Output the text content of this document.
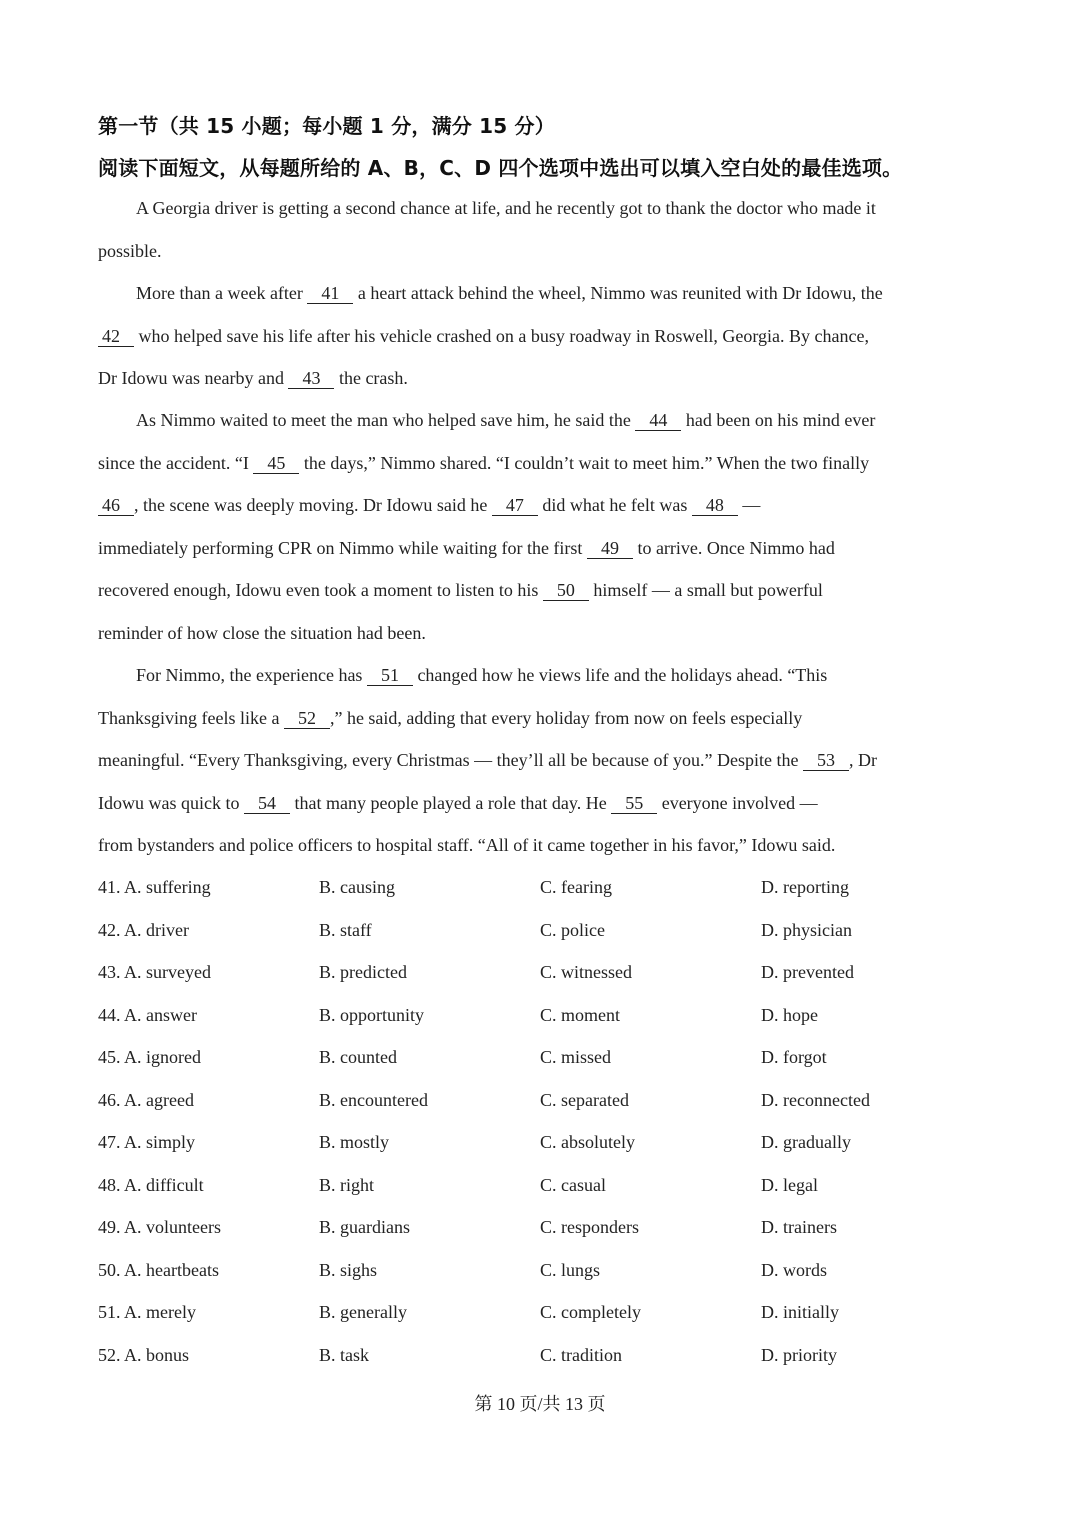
第一节（共 15 小题；每小题 1 分，满分 15 分）
阅读下面短文，从每题所给的 A、B，C、D 四个选项中选出可以填入空白处的最佳选项。
A Georgia driver is getting a second chance at life, and he recently got to thank the doctor who made it
possible.
More than a week after 41 a heart attack behind the wheel, Nimmo was reunited with Dr Idowu, the
42 who helped save his life after his vehicle crashed on a busy roadway in Roswell, Georgia. By chance,
Dr Idowu was nearby and 43 the crash.
As Nimmo waited to meet the man who helped save him, he said the 44 had been on his mind ever
since the accident. “I 45 the days,” Nimmo shared. “I couldn’t wait to meet him.” When the two finally
46 , the scene was deeply moving. Dr Idowu said he 47 did what he felt was 48 —
immediately performing CPR on Nimmo while waiting for the first 49 to arrive. Once Nimmo had
recovered enough, Idowu even took a moment to listen to his 50 himself — a small but powerful
reminder of how close the situation had been.
For Nimmo, the experience has 51 changed how he views life and the holidays ahead. “This
Thanksgiving feels like a 52 ,” he said, adding that every holiday from now on feels especially
meaningful. “Every Thanksgiving, every Christmas — they’ll all be because of you.” Despite the 53 , Dr
Idowu was quick to 54 that many people played a role that day. He 55 everyone involved —
from bystanders and police officers to hospital staff. “All of it came together in his favor,” Idowu said.
41. A. suffering	B. causing	C. fearing	D. reporting
42. A. driver	B. staff	C. police	D. physician
43. A. surveyed	B. predicted	C. witnessed	D. prevented
44. A. answer	B. opportunity	C. moment	D. hope
45. A. ignored	B. counted	C. missed	D. forgot
46. A. agreed	B. encountered	C. separated	D. reconnected
47. A. simply	B. mostly	C. absolutely	D. gradually
48. A. difficult	B. right	C. casual	D. legal
49. A. volunteers	B. guardians	C. responders	D. trainers
50. A. heartbeats	B. sighs	C. lungs	D. words
51. A. merely	B. generally	C. completely	D. initially
52. A. bonus	B. task	C. tradition	D. priority
第 10 页/共 13 页
